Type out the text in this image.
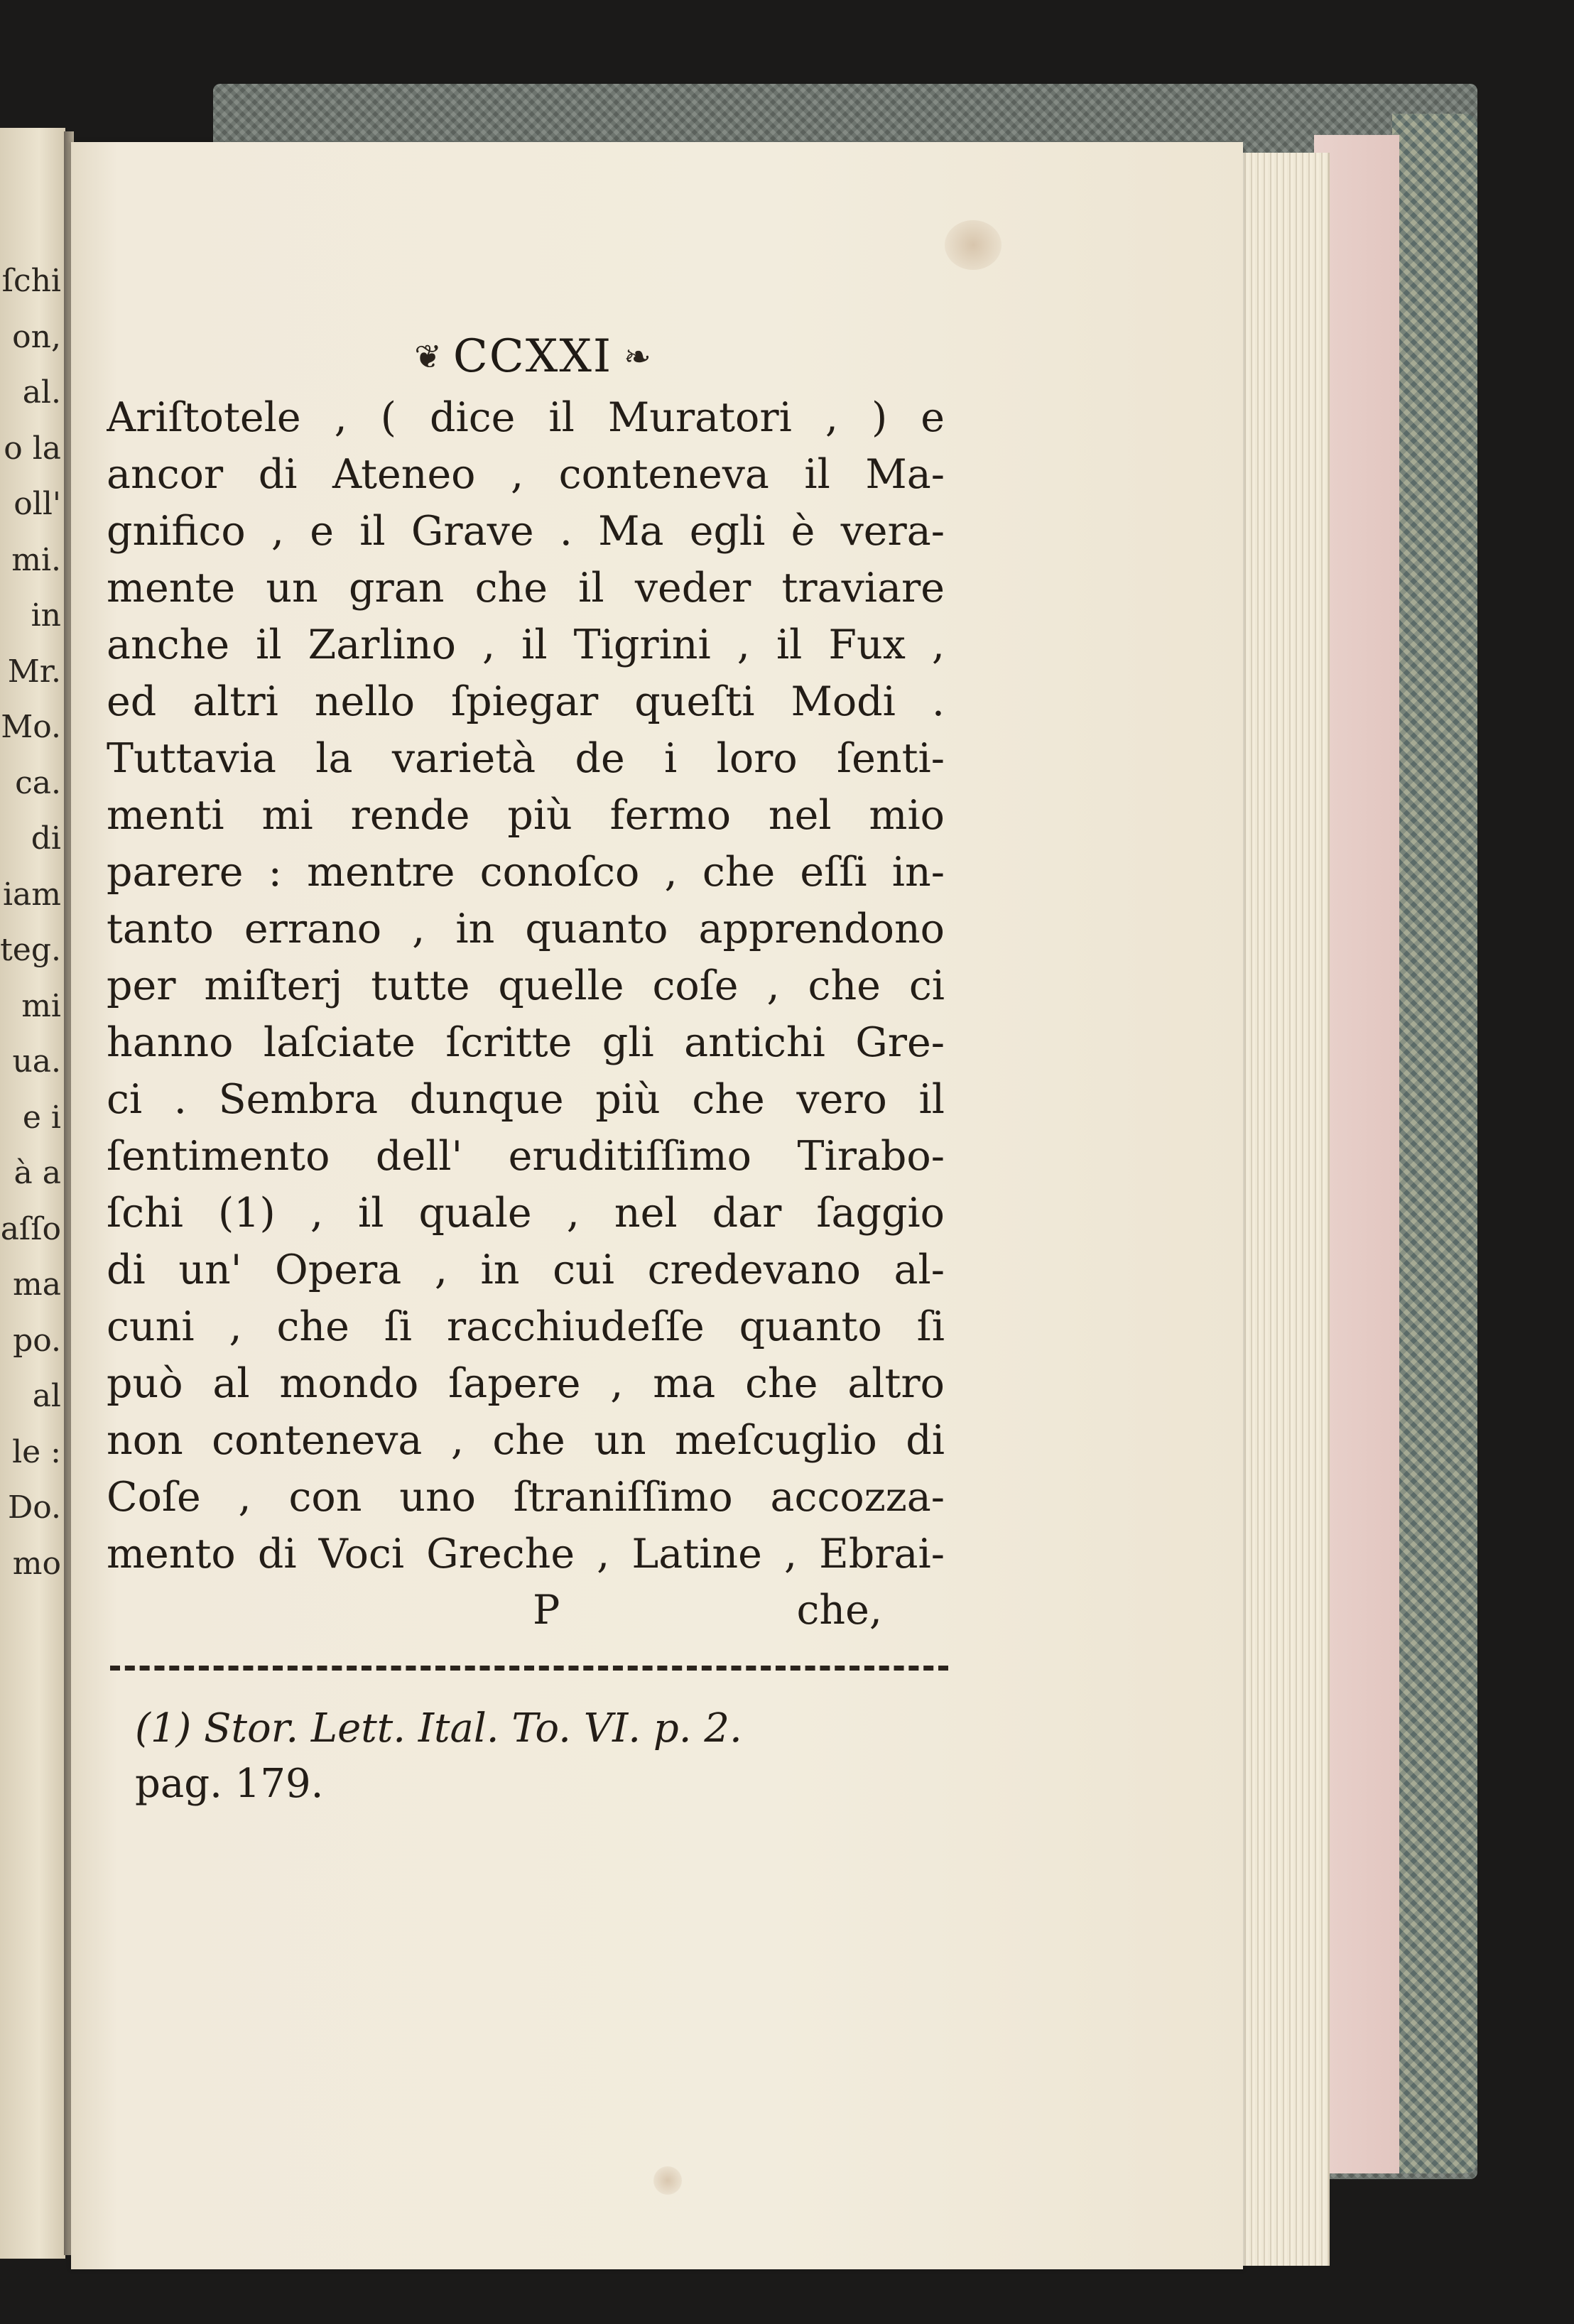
ſchi
on,
al.
o la
oll'
mi.
in
Mr.
Mo.
ca.
di
iam
teg.
mi
ua.
e i
à a
aſſo
ma
po.
al
le :
Do.
mo
❦ CCXXI ❧
Ariſtotele , ( dice il Muratori , ) e
ancor di Ateneo , conteneva il Ma-
gnifico , e il Grave . Ma egli è vera-
mente un gran che il veder traviare
anche il Zarlino , il Tigrini , il Fux ,
ed altri nello ſpiegar queſti Modi .
Tuttavia la varietà de i loro ſenti-
menti mi rende più fermo nel mio
parere : mentre conoſco , che eſſi in-
tanto errano , in quanto apprendono
per miſterj tutte quelle coſe , che ci
hanno laſciate ſcritte gli antichi Gre-
ci . Sembra dunque più che vero il
ſentimento dell' eruditiſſimo Tirabo-
ſchi (1) , il quale , nel dar ſaggio
di un' Opera , in cui credevano al-
cuni , che ſi racchiudeſſe quanto ſi
può al mondo ſapere , ma che altro
non conteneva , che un meſcuglio di
Coſe , con uno ſtraniſſimo accozza-
mento di Voci Greche , Latine , Ebrai-
P	che,
(1) Stor. Lett. Ital. To. VI. p. 2.
pag. 179.
